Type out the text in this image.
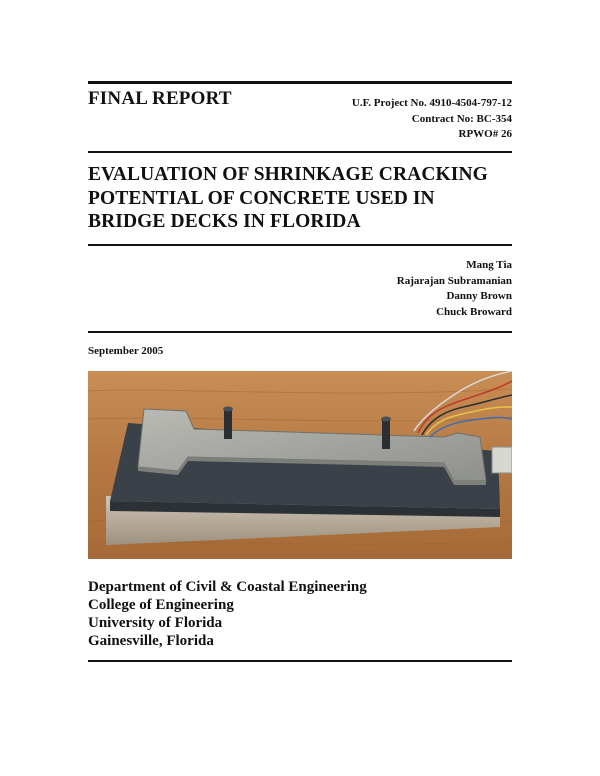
FINAL REPORT	U.F. Project No. 4910-4504-797-12
Contract No: BC-354
RPWO# 26
EVALUATION OF SHRINKAGE CRACKING
POTENTIAL OF CONCRETE USED IN
BRIDGE DECKS IN FLORIDA
Mang Tia
Rajarajan Subramanian
Danny Brown
Chuck Broward
September 2005
Department of Civil & Coastal Engineering
College of Engineering
University of Florida
Gainesville, Florida
